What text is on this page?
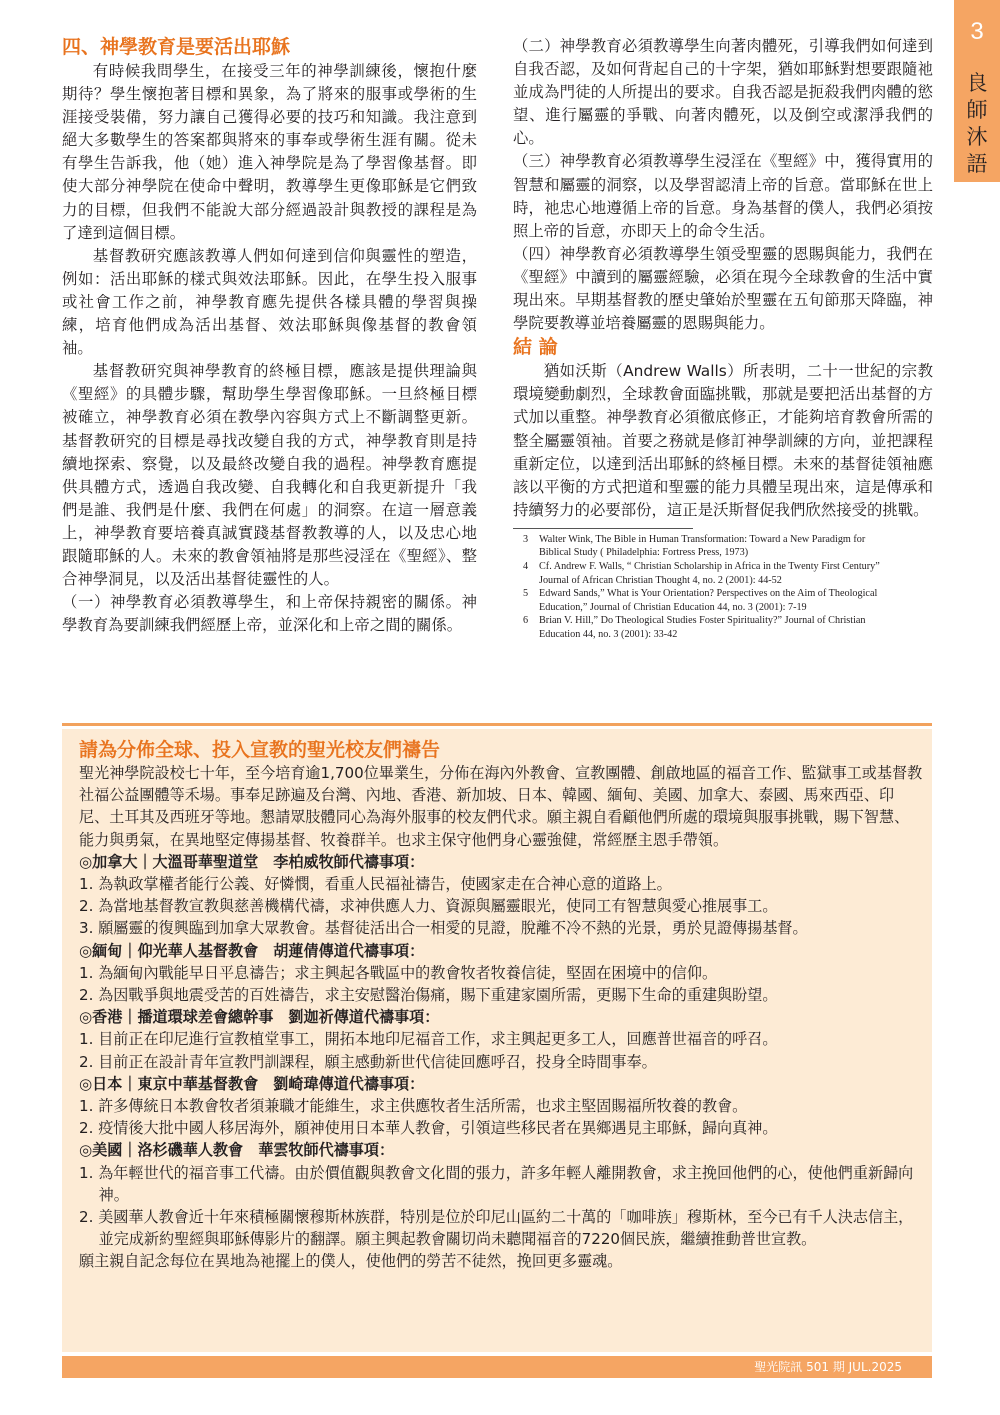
3
良
師
沐
語

四、神學教育是要活出耶穌

有時候我問學生，在接受三年的神學訓練後，懷抱什麼期待？學生懷抱著目標和異象，為了將來的服事或學術的生涯接受裝備，努力讓自己獲得必要的技巧和知識。我注意到絕大多數學生的答案都與將來的事奉或學術生涯有關。從未有學生告訴我，他（她）進入神學院是為了學習像基督。即使大部分神學院在使命中聲明，教導學生更像耶穌是它們致力的目標，但我們不能說大部分經過設計與教授的課程是為了達到這個目標。

基督教研究應該教導人們如何達到信仰與靈性的塑造，例如：活出耶穌的樣式與效法耶穌。因此，在學生投入服事或社會工作之前，神學教育應先提供各樣具體的學習與操練，培育他們成為活出基督、效法耶穌與像基督的教會領袖。

基督教研究與神學教育的終極目標，應該是提供理論與《聖經》的具體步驟，幫助學生學習像耶穌。一旦終極目標被確立，神學教育必須在教學內容與方式上不斷調整更新。基督教研究的目標是尋找改變自我的方式，神學教育則是持續地探索、察覺，以及最終改變自我的過程。神學教育應提供具體方式，透過自我改變、自我轉化和自我更新提升「我們是誰、我們是什麼、我們在何處」的洞察。在這一層意義上，神學教育要培養真誠實踐基督教教導的人，以及忠心地跟隨耶穌的人。未來的教會領袖將是那些浸淫在《聖經》、整合神學洞見，以及活出基督徒靈性的人。

（一）神學教育必須教導學生，和上帝保持親密的關係。神學教育為要訓練我們經歷上帝，並深化和上帝之間的關係。

（二）神學教育必須教導學生向著肉體死，引導我們如何達到自我否認，及如何背起自己的十字架，猶如耶穌對想要跟隨祂並成為門徒的人所提出的要求。自我否認是扼殺我們肉體的慾望、進行屬靈的爭戰、向著肉體死，以及倒空或潔淨我們的心。

（三）神學教育必須教導學生浸淫在《聖經》中，獲得實用的智慧和屬靈的洞察，以及學習認清上帝的旨意。當耶穌在世上時，祂忠心地遵循上帝的旨意。身為基督的僕人，我們必須按照上帝的旨意，亦即天上的命令生活。

（四）神學教育必須教導學生領受聖靈的恩賜與能力，我們在《聖經》中讀到的屬靈經驗，必須在現今全球教會的生活中實現出來。早期基督教的歷史肇始於聖靈在五旬節那天降臨，神學院要教導並培養屬靈的恩賜與能力。

結 論

猶如沃斯（Andrew Walls）所表明，二十一世紀的宗教環境變動劇烈，全球教會面臨挑戰，那就是要把活出基督的方式加以重整。神學教育必須徹底修正，才能夠培育教會所需的整全屬靈領袖。首要之務就是修訂神學訓練的方向，並把課程重新定位，以達到活出耶穌的終極目標。未來的基督徒領袖應該以平衡的方式把道和聖靈的能力具體呈現出來，這是傳承和持續努力的必要部份，這正是沃斯督促我們欣然接受的挑戰。

3 Walter Wink, The Bible in Human Transformation: Toward a New Paradigm for
Biblical Study ( Philadelphia: Fortress Press, 1973)
4 Cf. Andrew F. Walls, “ Christian Scholarship in Africa in the Twenty First Century”
Journal of African Christian Thought 4, no. 2 (2001): 44-52
5 Edward Sands,” What is Your Orientation? Perspectives on the Aim of Theological
Education,” Journal of Christian Education 44, no. 3 (2001): 7-19
6 Brian V. Hill,” Do Theological Studies Foster Spirituality?” Journal of Christian
Education 44, no. 3 (2001): 33-42

請為分佈全球、投入宣教的聖光校友們禱告

聖光神學院設校七十年，至今培育逾1,700位畢業生，分佈在海內外教會、宣教團體、創啟地區的福音工作、監獄事工或基督教社福公益團體等禾場。事奉足跡遍及台灣、內地、香港、新加坡、日本、韓國、緬甸、美國、加拿大、泰國、馬來西亞、印尼、土耳其及西班牙等地。懇請眾肢體同心為海外服事的校友們代求。願主親自看顧他們所處的環境與服事挑戰，賜下智慧、能力與勇氣，在異地堅定傳揚基督、牧養群羊。也求主保守他們身心靈強健，常經歷主恩手帶領。

◎加拿大｜大溫哥華聖道堂　李柏威牧師代禱事項：

1. 為執政掌權者能行公義、好憐憫，看重人民福祉禱告，使國家走在合神心意的道路上。

2. 為當地基督教宣教與慈善機構代禱，求神供應人力、資源與屬靈眼光，使同工有智慧與愛心推展事工。

3. 願屬靈的復興臨到加拿大眾教會。基督徒活出合一相愛的見證，脫離不冷不熱的光景，勇於見證傳揚基督。

◎緬甸｜仰光華人基督教會　胡蓮倩傳道代禱事項：

1. 為緬甸內戰能早日平息禱告；求主興起各戰區中的教會牧者牧養信徒，堅固在困境中的信仰。

2. 為因戰爭與地震受苦的百姓禱告，求主安慰醫治傷痛，賜下重建家園所需，更賜下生命的重建與盼望。

◎香港｜播道環球差會總幹事　劉迦祈傳道代禱事項：

1. 目前正在印尼進行宣教植堂事工，開拓本地印尼福音工作，求主興起更多工人，回應普世福音的呼召。

2. 目前正在設計青年宣教門訓課程，願主感動新世代信徒回應呼召，投身全時間事奉。

◎日本｜東京中華基督教會　劉崎瑋傳道代禱事項：

1. 許多傳統日本教會牧者須兼職才能維生，求主供應牧者生活所需，也求主堅固賜福所牧養的教會。

2. 疫情後大批中國人移居海外，願神使用日本華人教會，引領這些移民者在異鄉遇見主耶穌，歸向真神。

◎美國｜洛杉磯華人教會　華雲牧師代禱事項：

1. 為年輕世代的福音事工代禱。由於價值觀與教會文化間的張力，許多年輕人離開教會，求主挽回他們的心，使他們重新歸向神。

2. 美國華人教會近十年來積極關懷穆斯林族群，特別是位於印尼山區約二十萬的「咖啡族」穆斯林，至今已有千人決志信主，並完成新約聖經與耶穌傳影片的翻譯。願主興起教會關切尚未聽聞福音的7220個民族，繼續推動普世宣教。

願主親自記念每位在異地為祂擺上的僕人，使他們的勞苦不徒然，挽回更多靈魂。

聖光院訊 501 期 JUL.2025
